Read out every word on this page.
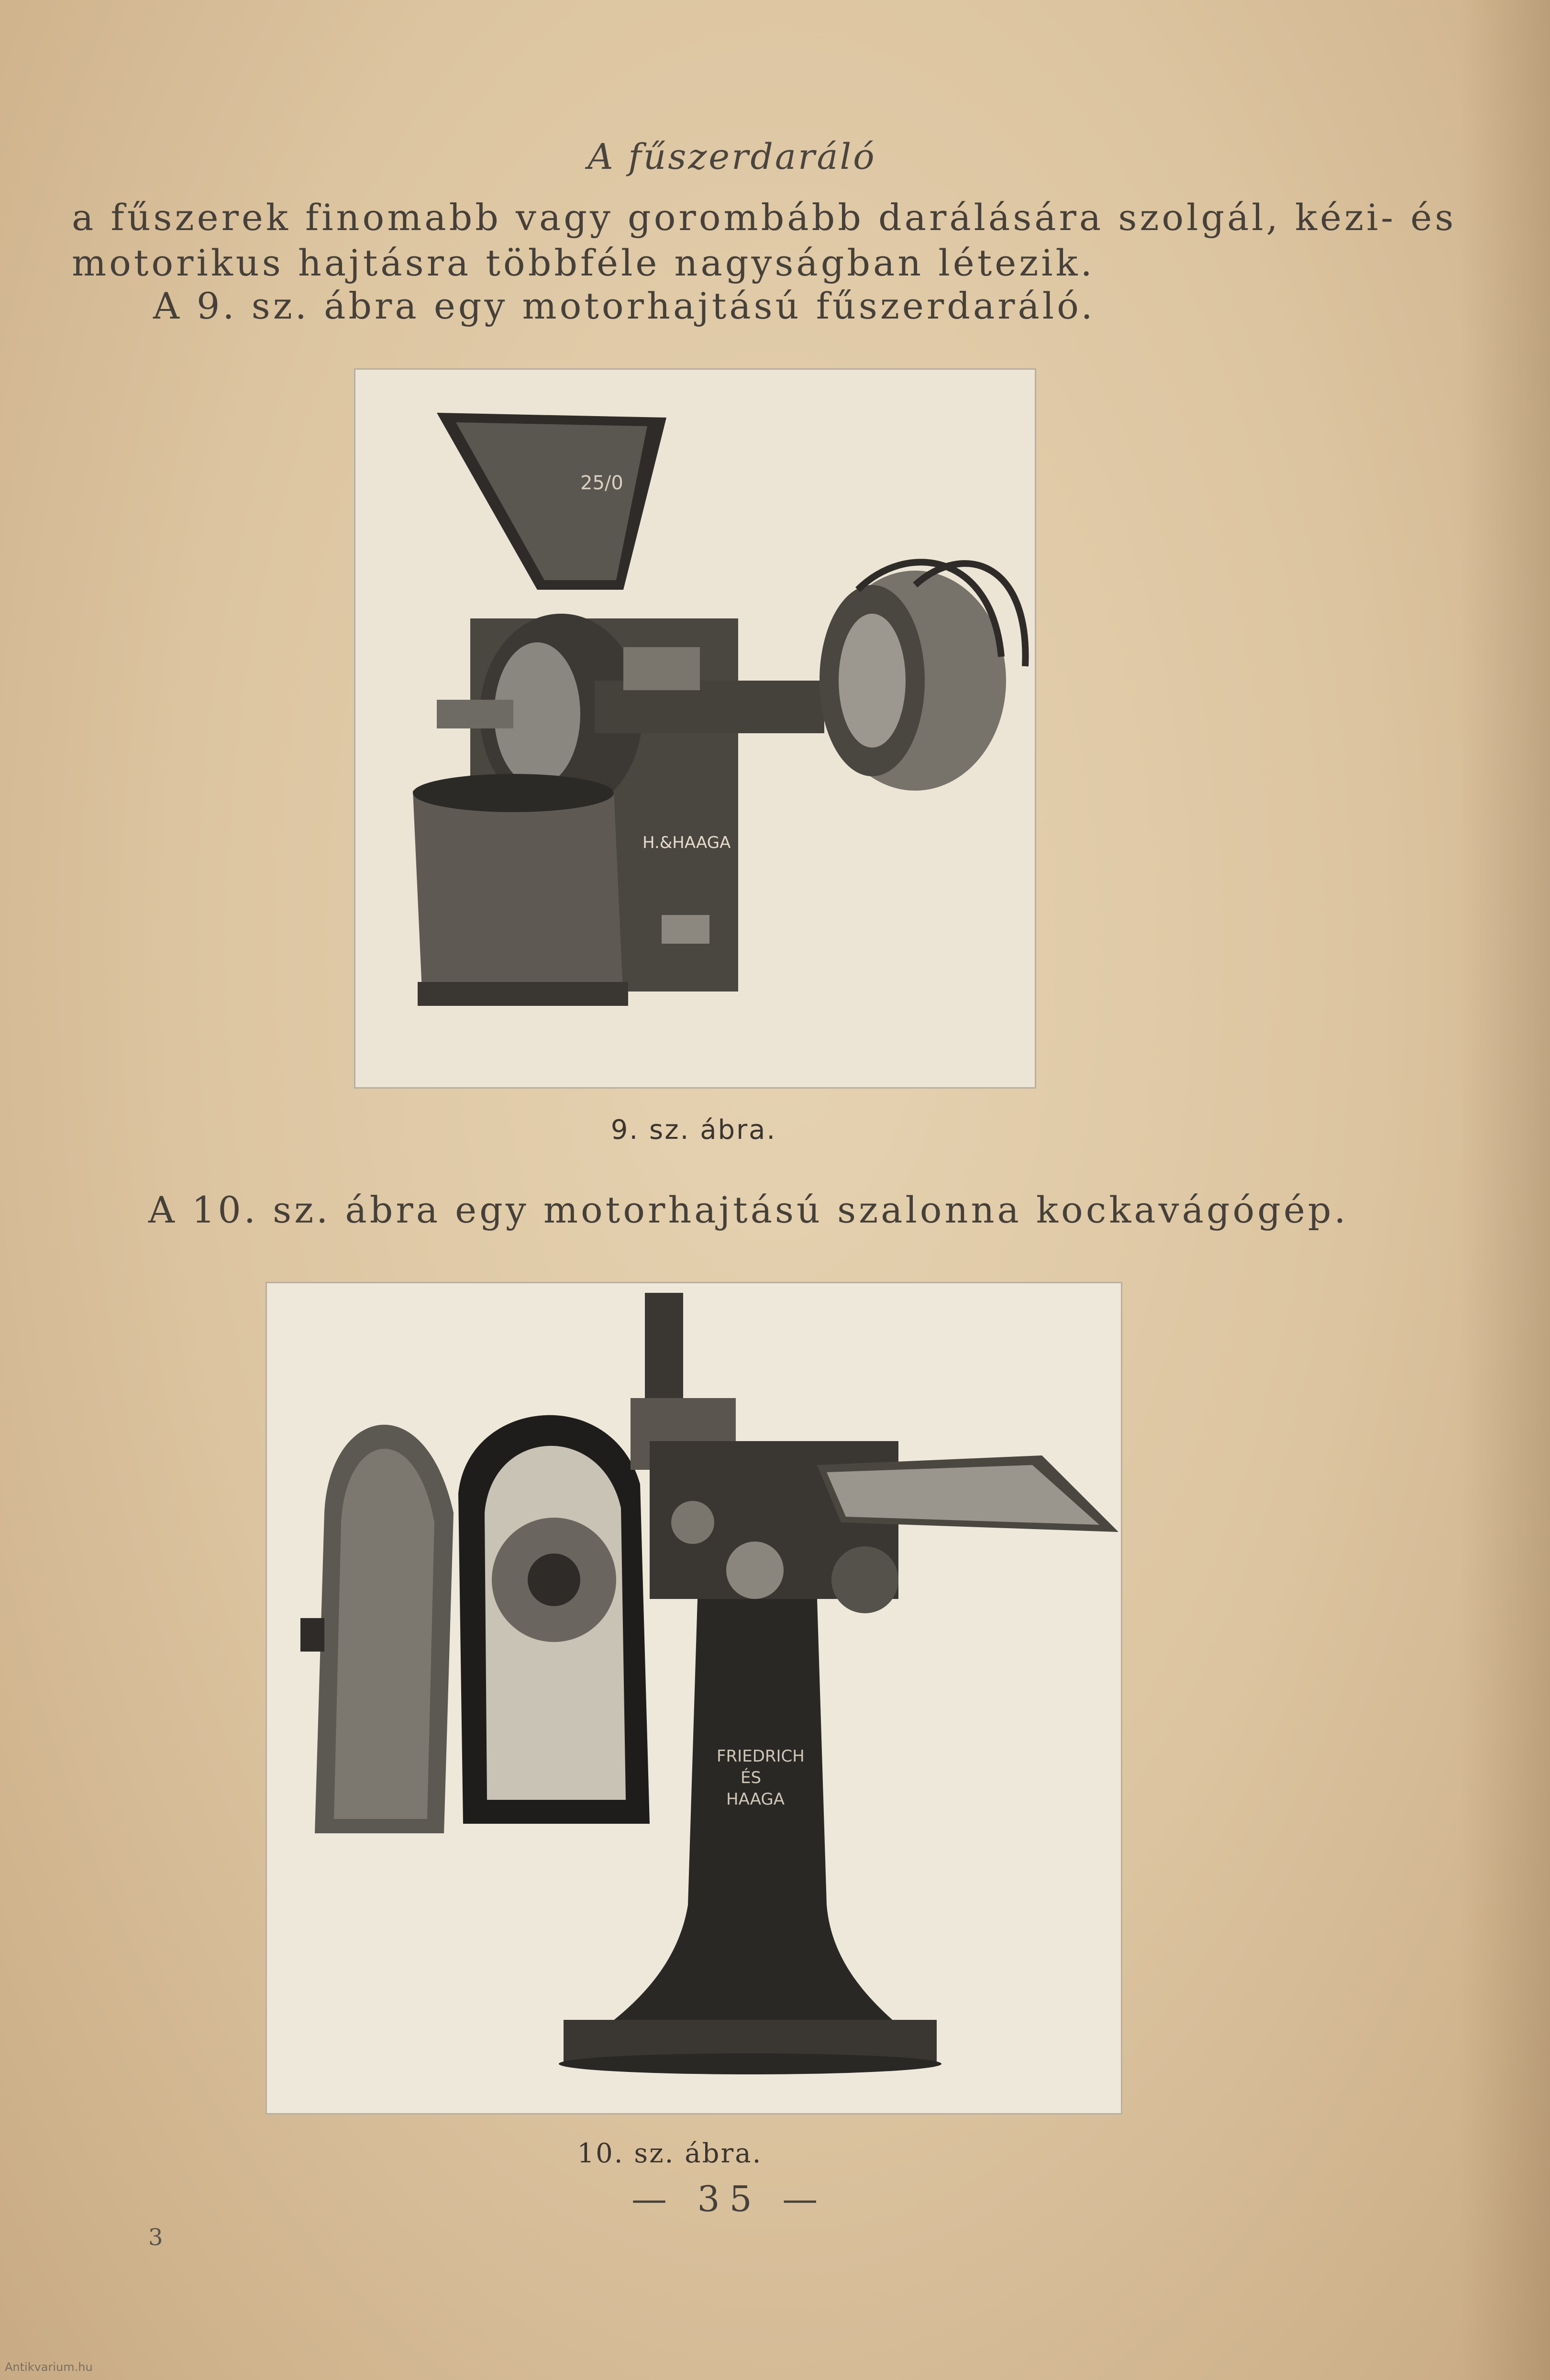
A fűszerdaráló
a fűszerek finomabb vagy gorombább darálására szolgál, kézi- és
motorikus hajtásra többféle nagyságban létezik.
A 9. sz. ábra egy motorhajtású fűszerdaráló.
25/0
H.&HAAGA
9. sz. ábra.
A 10. sz. ábra egy motorhajtású szalonna kockavágógép.
FRIEDRICH
ÉS
HAAGA
10. sz. ábra.
— 35 —
3
Antikvarium.hu
